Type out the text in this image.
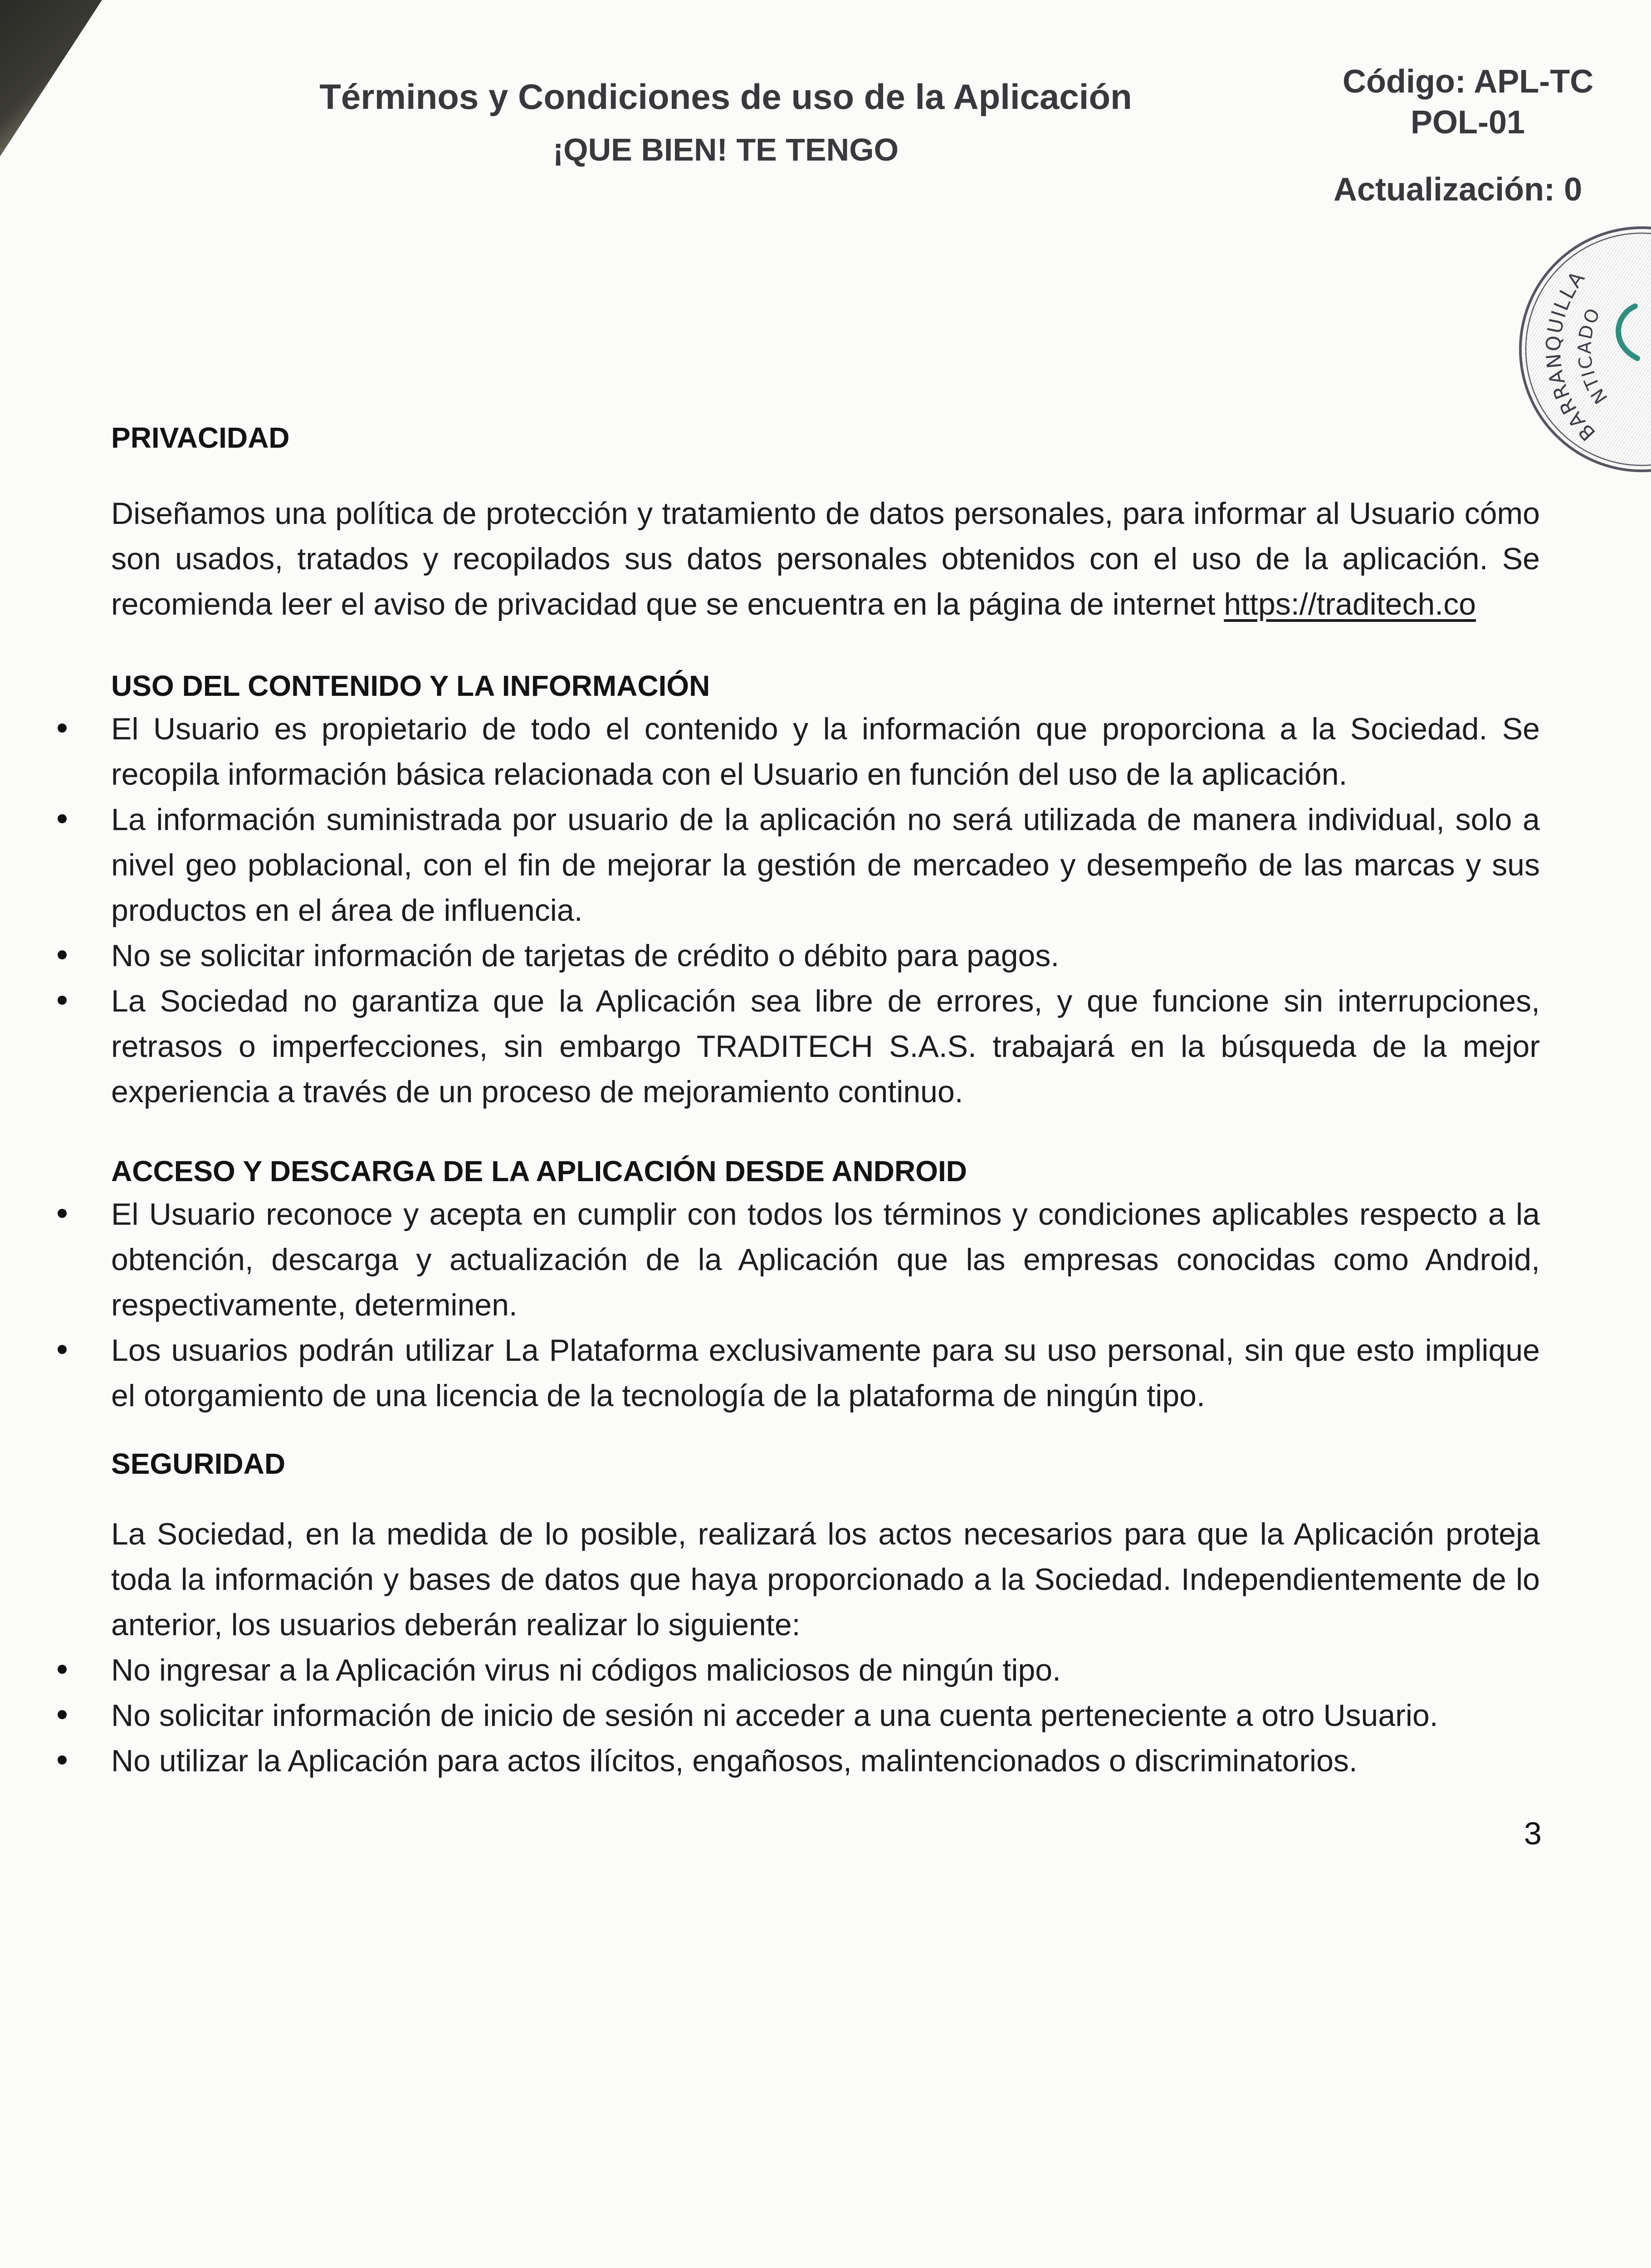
Términos y Condiciones de uso de la Aplicación
¡QUE BIEN! TE TENGO
Código: APL-TC
POL-01
Actualización: 0
BARRANQUILLA
NTICADO
PRIVACIDAD

Diseñamos una política de protección y tratamiento de datos personales, para informar al Usuario cómo son usados, tratados y recopilados sus datos personales obtenidos con el uso de la aplicación. Se recomienda leer el aviso de privacidad que se encuentra en la página de internet https://traditech.co

USO DEL CONTENIDO Y LA INFORMACIÓN
El Usuario es propietario de todo el contenido y la información que proporciona a la Sociedad. Se recopila información básica relacionada con el Usuario en función del uso de la aplicación.
La información suministrada por usuario de la aplicación no será utilizada de manera individual, solo a nivel geo poblacional, con el fin de mejorar la gestión de mercadeo y desempeño de las marcas y sus productos en el área de influencia.
No se solicitar información de tarjetas de crédito o débito para pagos.
La Sociedad no garantiza que la Aplicación sea libre de errores, y que funcione sin interrupciones, retrasos o imperfecciones, sin embargo TRADITECH S.A.S. trabajará en la búsqueda de la mejor experiencia a través de un proceso de mejoramiento continuo.
ACCESO Y DESCARGA DE LA APLICACIÓN DESDE ANDROID
El Usuario reconoce y acepta en cumplir con todos los términos y condiciones aplicables respecto a la obtención, descarga y actualización de la Aplicación que las empresas conocidas como Android, respectivamente, determinen.
Los usuarios podrán utilizar La Plataforma exclusivamente para su uso personal, sin que esto implique el otorgamiento de una licencia de la tecnología de la plataforma de ningún tipo.
SEGURIDAD

La Sociedad, en la medida de lo posible, realizará los actos necesarios para que la Aplicación proteja toda la información y bases de datos que haya proporcionado a la Sociedad. Independientemente de lo anterior, los usuarios deberán realizar lo siguiente:

No ingresar a la Aplicación virus ni códigos maliciosos de ningún tipo.
No solicitar información de inicio de sesión ni acceder a una cuenta perteneciente a otro Usuario.
No utilizar la Aplicación para actos ilícitos, engañosos, malintencionados o discriminatorios.
3
